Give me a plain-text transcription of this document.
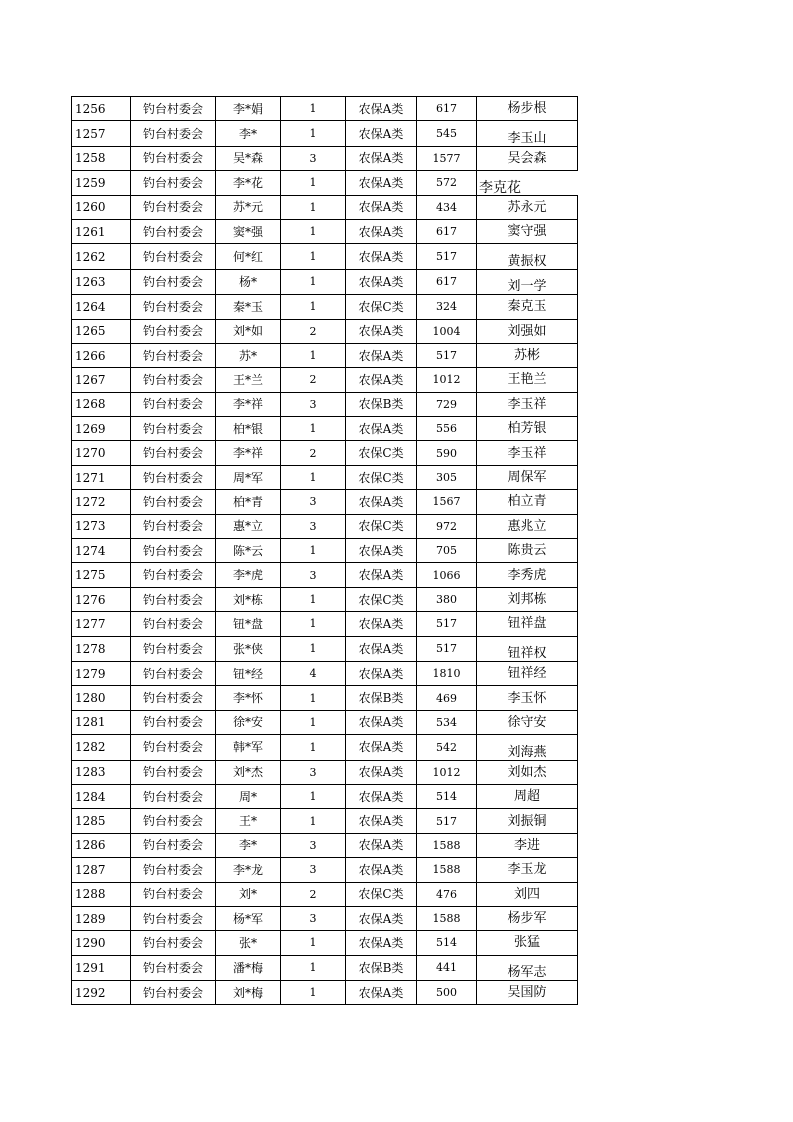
1256	钓台村委会	李*娟	1	农保A类	617	杨步根
1257	钓台村委会	李*	1	农保A类	545	李玉山
1258	钓台村委会	吴*森	3	农保A类	1577	吴会森
1259	钓台村委会	李*花	1	农保A类	572	李克花
1260	钓台村委会	苏*元	1	农保A类	434	苏永元
1261	钓台村委会	窦*强	1	农保A类	617	窦守强
1262	钓台村委会	何*红	1	农保A类	517	黄振权
1263	钓台村委会	杨*	1	农保A类	617	刘一学
1264	钓台村委会	秦*玉	1	农保C类	324	秦克玉
1265	钓台村委会	刘*如	2	农保A类	1004	刘强如
1266	钓台村委会	苏*	1	农保A类	517	苏彬
1267	钓台村委会	王*兰	2	农保A类	1012	王艳兰
1268	钓台村委会	李*祥	3	农保B类	729	李玉祥
1269	钓台村委会	柏*银	1	农保A类	556	柏芳银
1270	钓台村委会	李*祥	2	农保C类	590	李玉祥
1271	钓台村委会	周*军	1	农保C类	305	周保军
1272	钓台村委会	柏*青	3	农保A类	1567	柏立青
1273	钓台村委会	惠*立	3	农保C类	972	惠兆立
1274	钓台村委会	陈*云	1	农保A类	705	陈贵云
1275	钓台村委会	李*虎	3	农保A类	1066	李秀虎
1276	钓台村委会	刘*栋	1	农保C类	380	刘邦栋
1277	钓台村委会	钮*盘	1	农保A类	517	钮祥盘
1278	钓台村委会	张*侠	1	农保A类	517	钮祥权
1279	钓台村委会	钮*经	4	农保A类	1810	钮祥经
1280	钓台村委会	李*怀	1	农保B类	469	李玉怀
1281	钓台村委会	徐*安	1	农保A类	534	徐守安
1282	钓台村委会	韩*军	1	农保A类	542	刘海燕
1283	钓台村委会	刘*杰	3	农保A类	1012	刘如杰
1284	钓台村委会	周*	1	农保A类	514	周超
1285	钓台村委会	王*	1	农保A类	517	刘振铜
1286	钓台村委会	李*	3	农保A类	1588	李进
1287	钓台村委会	李*龙	3	农保A类	1588	李玉龙
1288	钓台村委会	刘*	2	农保C类	476	刘四
1289	钓台村委会	杨*军	3	农保A类	1588	杨步军
1290	钓台村委会	张*	1	农保A类	514	张猛
1291	钓台村委会	潘*梅	1	农保B类	441	杨军志
1292	钓台村委会	刘*梅	1	农保A类	500	吴国防
